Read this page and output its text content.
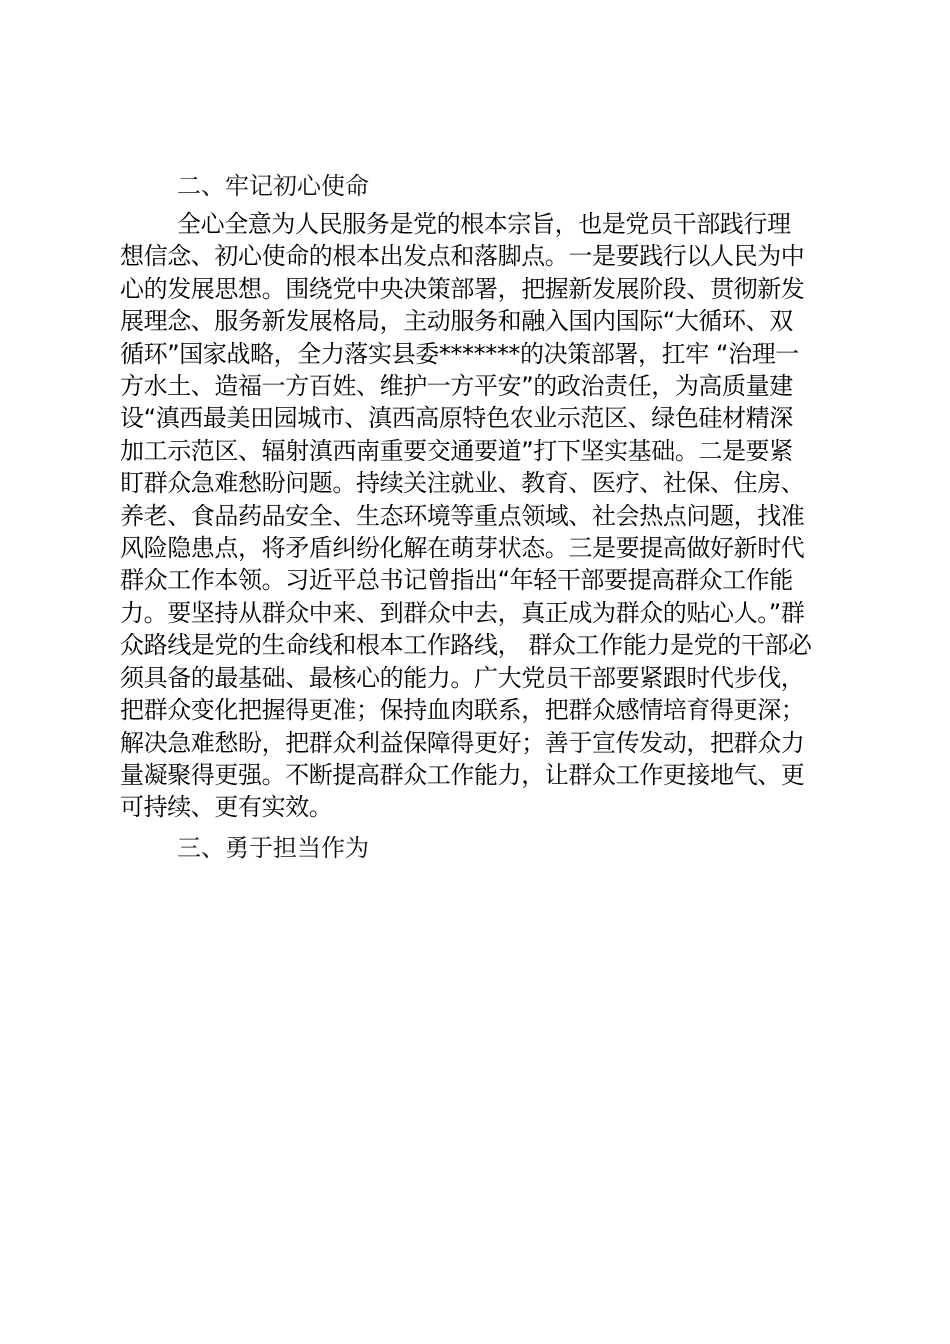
二、牢记初心使命

全心全意为人民服务是党的根本宗旨，也是党员干部践行理

想信念、初心使命的根本出发点和落脚点。一是要践行以人民为中

心的发展思想。围绕党中央决策部署，把握新发展阶段、贯彻新发

展理念、服务新发展格局，主动服务和融入国内国际“大循环、双

循环”国家战略，全力落实县委*******的决策部署，扛牢 “治理一

方水土、造福一方百姓、维护一方平安”的政治责任，为高质量建

设“滇西最美田园城市、滇西高原特色农业示范区、绿色硅材精深

加工示范区、辐射滇西南重要交通要道”打下坚实基础。二是要紧

盯群众急难愁盼问题。持续关注就业、教育、医疗、社保、住房、

养老、食品药品安全、生态环境等重点领域、社会热点问题，找准

风险隐患点，将矛盾纠纷化解在萌芽状态。三是要提高做好新时代

群众工作本领。习近平总书记曾指出“年轻干部要提高群众工作能

力。要坚持从群众中来、到群众中去，真正成为群众的贴心人。”群

众路线是党的生命线和根本工作路线， 群众工作能力是党的干部必

须具备的最基础、最核心的能力。广大党员干部要紧跟时代步伐，

把群众变化把握得更准；保持血肉联系，把群众感情培育得更深；

解决急难愁盼，把群众利益保障得更好；善于宣传发动，把群众力

量凝聚得更强。不断提高群众工作能力，让群众工作更接地气、更

可持续、更有实效。

三、勇于担当作为
